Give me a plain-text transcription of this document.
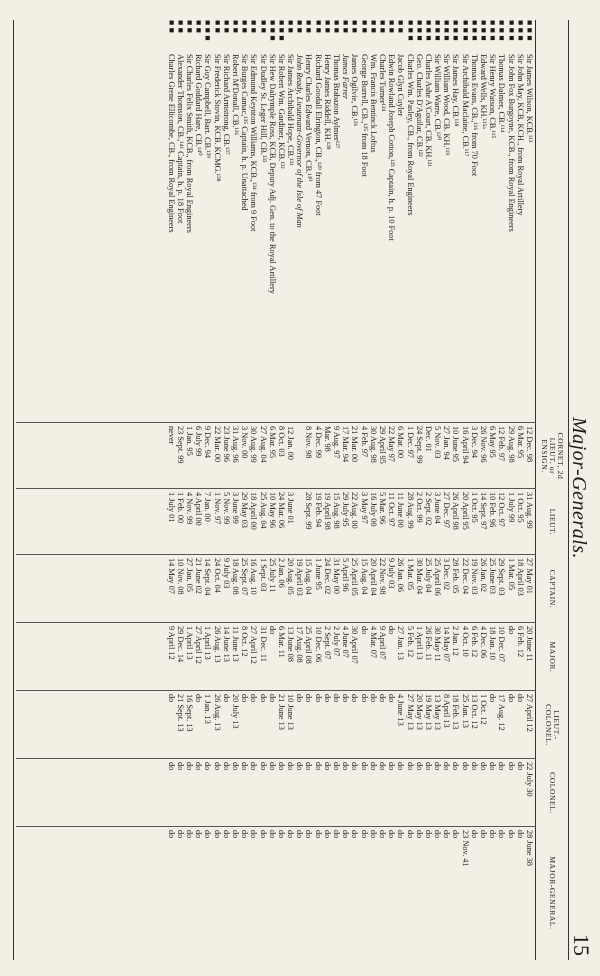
Major-Generals.
15
CORNET, 2d LIEUT. or ENSIGN.
LIEUT.
CAPTAIN.
MAJOR.
LIEUT.-COLONEL.
COLONEL.
MAJOR-GENERAL.
◼ ◼ ◼
Sir James Wilson, KCB.¹¹³
12 Dec. 98
31 Aug. 99
27 May 01
20 June 11
27 April 12
22 July 30
28 June 38
◼ ◼ ◼
Sir John May, KCB, KCH., from Royal Artillery
6 Mar. 95
1 Oct. 95
18 April 03
6 Feb. 12
do
do
do
◼ ◼ ◼
Sir John Fox Burgoyne, KCB., from Royal Engineers
29 Aug. 98
1 July 99
1 Mar. 05
do
do
do
do
◼ ◼ ◼
Thomas Dalmer, CB.¹¹⁴
12 Feb. 97
12 Oct. 97
29 Sept. 03
10 Dec. 07
17 Aug. 12
do
do
◼ ◼ ◼
Sir Henry Watson, CB.¹¹⁵
6 May 95
10 Feb. 96
25 June 03
18 Jan. 10
do
do
do
◼ ◼ ◼
Edward Wells, KH.¹¹⁵ᵃ
26 Nov. 96
14 Sept. 97
26 Jan. 02
4 Dec. 06
1 Oct. 12
do
do
◼ ◼ ◼
Thomas Evans, CB.,¹¹⁶ from 70 Foot
3 Dec. 94
1 Oct. 95
19 Nov. 03
6 Feb. 12
13 Oct. 12
do
do
◼ ◼ ◼
Sir Archibald Maclaine, CB.¹¹⁷
16 April 94
20 April 95
22 Dec. 04
4 Oct. 10
25 Jan. 13
do
23 Nov. 41
◼ ◼ ◼
Sir James Hay, CB.¹¹⁸
10 June 95
26 April 98
28 Feb. 05
2 Jan. 12
18 Feb. 13
do
do
◼ ◼ ◼
Sir William Wood, CB. KH.¹¹⁹
27 Jan. 94
27 Dec. 97
3 Dec. 02
14 May 07
8 April 13
do
do
◼ ◼ ◼
Sir William Warre, CB.¹²⁰
5 Nov. 03
3 June 04
25 April 06
30 May 11
13 May 13
do
do
◼ ◼ ◼
Charles Ashe A'Court, CB. KH.¹²¹
Dec. 01
2 Sept. 02
25 July 04
26 Feb. 11
19 May 13
do
do
◼ ◼ ◼
Geo. Charles D'Aguilar, CB.¹²²
24 Sept. 99
2 Oct. 99
30 Mar. 04
1 April 13
20 May 13
do
do
◼ ◼ ◼
Charles Wm. Pasley, CB., from Royal Engineers
1 Dec. 97
28 Aug. 99
1 Mar. 05
5 Feb. 12
27 May 13
do
do
◼ ◼
Jacob Glyn Cuyler
6 Mar. 00
11 June 00
26 Jan. 06
27 Jan. 13
4 June 13
do
do
◼ ◼
Edwin Rowland Joseph Cotton,¹²³ Captain, h. p. 10 Foot
22 May 97
11 Oct. 97
9 July 03
do
do
do
do
◼ ◼
Charles Turner¹²⁴
29 April 95
5 Mar. 96
22 Nov. 98
9 April 07
do
do
do
◼ ◼
Wm. Francis Bentinck Loftus
30 Aug. 98
16 July 00
20 April 04
4 Mar. 07
do
do
do
◼ ◼
George Burrell, CB.,¹²⁵ from 18 Foot
4 Feb. 97
3 May 97
15 Aug. 04
do
do
do
do
◼ ◼
James Ogilvie, CB.¹²⁶
21 Mar. 00
22 Aug. 00
25 April 05
30 April 07
do
do
do
◼ ◼
James Farrer
17 Mar. 94
29 July 95
5 April 96
4 June 07
do
do
do
◼ ◼
Thomas Brabazon Aylmer¹²⁷
9 Aug. 97
15 Aug. 98
31 May 00
2 July 07
do
do
do
◼ ◼
Henry James Riddell, KH.¹²⁸
Mar. 98
19 April 98
24 Dec. 02
2 Sept. 07
do
do
do
◼ ◼
Richard Goodall Elrington, CB.,¹²⁹ from 47 Foot
4 Dec. 99
19 Feb. 94
1 June 95
10 Dec. 06
do
do
do
◼ ◼
Henry Charles Edward Vernon, CB.¹³⁰
8 Nov. 98
28 Sept. 99
15 Aug. 04
25 April 08
do
do
do
◼ ◼
John Ready, Lieutenant-Governor of the Isle of Man
19 April 03
17 Aug. 08
do
do
do
◼ ◼
Sir James Archibald Hope, CB.¹³¹
12 Jan. 00
3 June 01
20 Aug. 05
13 June 08
10 June 13
do
do
◼ ◼ ◼
Sir Robert Wm. Gardiner, KCB.¹³²
8 Oct. 03
24 Mar. 06
2 Jan. 06
6 Mar. 11
21 June 13
do
do
◼ ◼ ◼
Sir Hew Dalrymple Ross, KCB, Deputy Adj. Gen. to the Royal Artillery
6 Mar. 95
10 May 96
25 July 11
do
do
do
do
◼ ◼
Sir Dudley St. Leger Hill, CB.¹³³
27 Aug. 04
25 Aug. 04
1 Sept. 03
31 Dec. 11
do
do
do
◼ ◼
Sir Edmund Keynton Williams, KCB.,¹³⁴ from 9 Foot
30 Aug. 99
18 April 00
16 Aug. 10
27 April 12
do
do
do
◼ ◼
Sir Burges Camac,¹³⁵ Captain, h. p. Unattached
3 Nov. 00
29 May 03
25 Sept. 07
8 Oct. 12
do
do
do
◼ ◼
Robert M'Donall, CB.¹³⁶
31 Aug. 96
3 June 99
18 Aug. 08
11 June 13
20 July 13
do
do
◼ ◼
Sir Richard Armstrong, CB.¹³⁷
23 June 96
5 Nov. 99
9 July 03
14 June 13
do
do
do
◼ ◼
Sir Frederick Stovin, KCB. KCMG.¹³⁸
22 Mar. 00
1 Nov. 97
24 Oct. 04
26 Aug. 13
26 Aug. 13
do
do
◼ ◼ ◼
Sir Guy Campbell, Bart. CB.¹³⁹
9 Dec. 94
7 Jan. 00
14 Sept. 04
1 April 13
1 Jan. 13
do
do
◼ ◼
Richard Goddard Hare, CB.¹⁴⁰
6 July 99
4 April 00
21 June 02
27 April 12
do
do
do
◼ ◼
Sir Charles Felix Smith, KCB., from Royal Engineers
1 Jan. 95
4 Nov. 99
27 Jan. 05
1 April 13
16 Sept. 13
do
do
◼ ◼
Alexander Thomson, CB.,¹⁴¹ Captain, h. p. 18 Foot
23 Sept. 99
1 Feb. 00
10 Nov. 08
29 Dec. 14
21 Sept. 13
do
do
◼ ◼
Charles Grene Ellicombe, CB., from Royal Engineers
never
1 July 01
14 May 07
9 April 12
do
do
do
